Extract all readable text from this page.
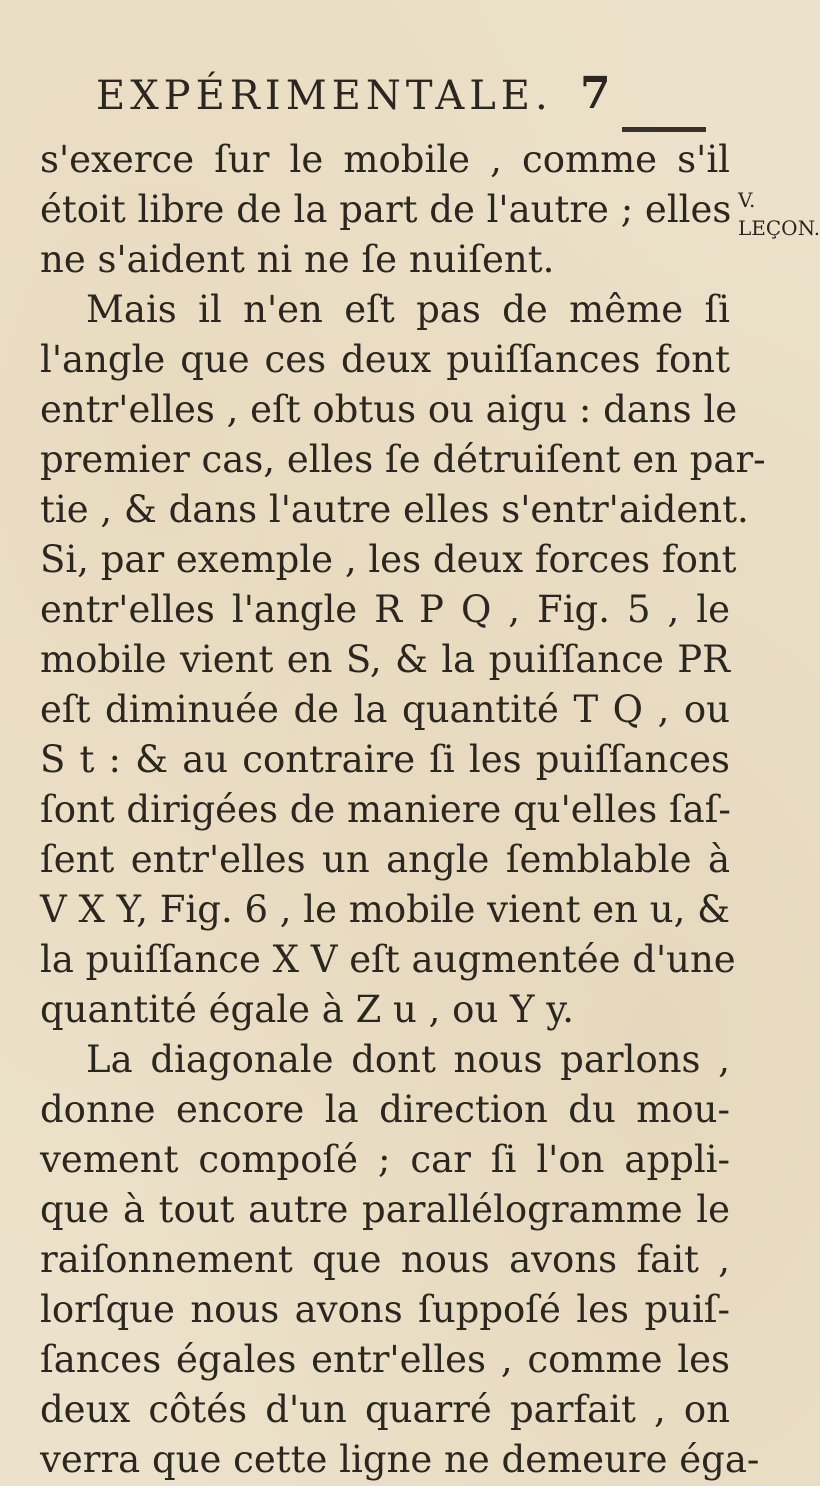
EXPÉRIMENTALE. 7
V.
LEÇON.
s'exerce ſur le mobile , comme s'il
étoit libre de la part de l'autre ; elles
ne s'aident ni ne ſe nuiſent.
Mais il n'en eſt pas de même ſi
l'angle que ces deux puiſſances font
entr'elles , eſt obtus ou aigu : dans le
premier cas, elles ſe détruiſent en par-
tie , & dans l'autre elles s'entr'aident.
Si, par exemple , les deux forces font
entr'elles l'angle R P Q , Fig. 5 , le
mobile vient en S, & la puiſſance PR
eſt diminuée de la quantité T Q , ou
S t : & au contraire ſi les puiſſances
ſont dirigées de maniere qu'elles ſaſ-
ſent entr'elles un angle ſemblable à
V X Y, Fig. 6 , le mobile vient en u, &
la puiſſance X V eſt augmentée d'une
quantité égale à Z u , ou Y y.
La diagonale dont nous parlons ,
donne encore la direction du mou-
vement compoſé ; car ſi l'on appli-
que à tout autre parallélogramme le
raiſonnement que nous avons fait ,
lorſque nous avons ſuppoſé les puiſ-
ſances égales entr'elles , comme les
deux côtés d'un quarré parfait , on
verra que cette ligne ne demeure éga-
